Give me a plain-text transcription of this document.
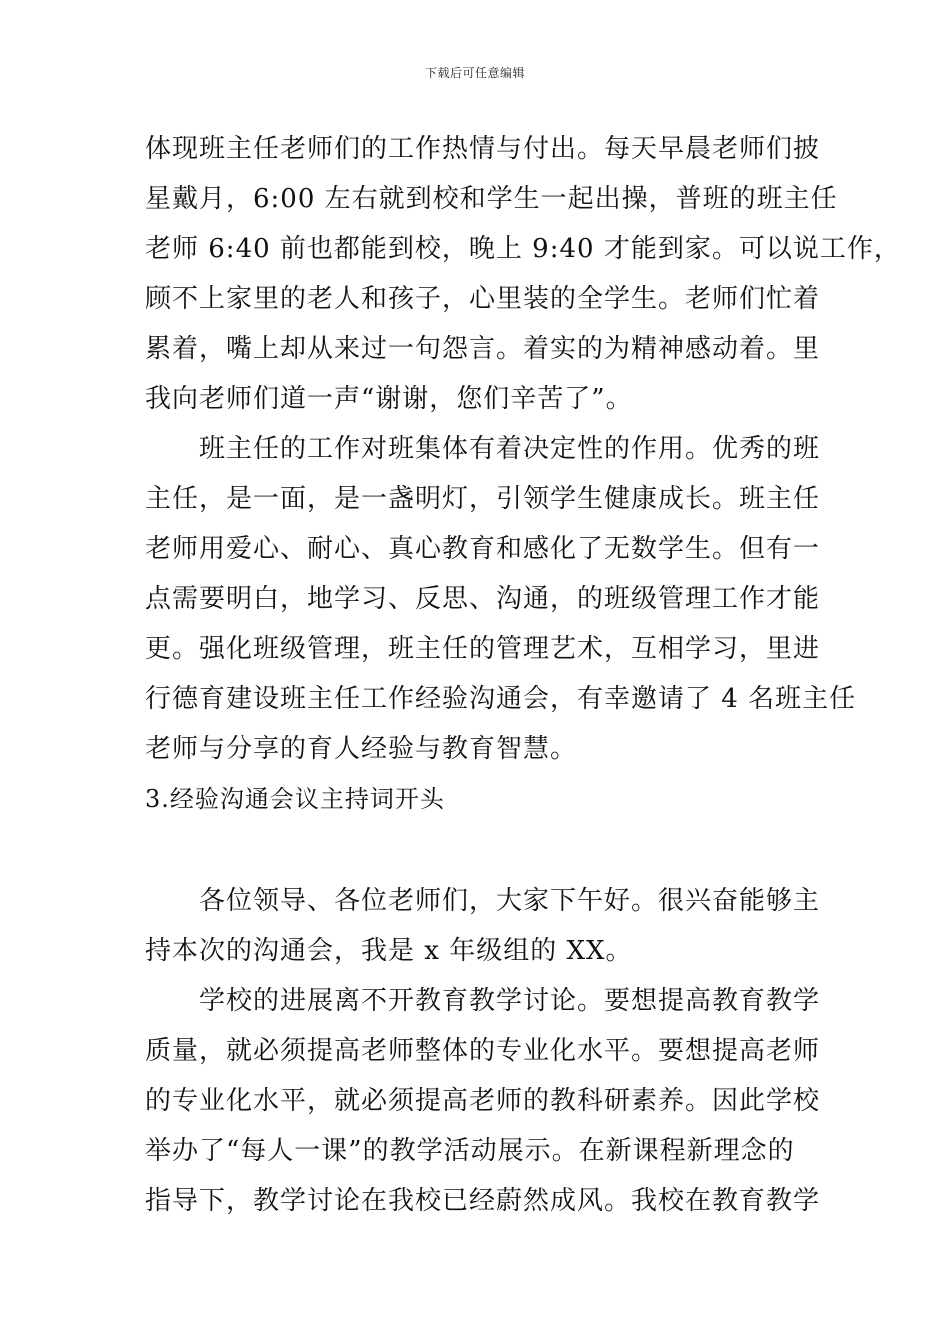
下载后可任意编辑
体现班主任老师们的工作热情与付出。每天早晨老师们披
星戴月，6:00 左右就到校和学生一起出操，普班的班主任
老师 6:40 前也都能到校，晚上 9:40 才能到家。可以说工作，
顾不上家里的老人和孩子，心里装的全学生。老师们忙着
累着，嘴上却从来过一句怨言。着实的为精神感动着。里
我向老师们道一声“谢谢，您们辛苦了”。
班主任的工作对班集体有着决定性的作用。优秀的班
主任，是一面，是一盏明灯，引领学生健康成长。班主任
老师用爱心、耐心、真心教育和感化了无数学生。但有一
点需要明白，地学习、反思、沟通，的班级管理工作才能
更。强化班级管理，班主任的管理艺术，互相学习，里进
行德育建设班主任工作经验沟通会，有幸邀请了 4 名班主任
老师与分享的育人经验与教育智慧。
3.经验沟通会议主持词开头
各位领导、各位老师们，大家下午好。很兴奋能够主
持本次的沟通会，我是 x 年级组的 XX。
学校的进展离不开教育教学讨论。要想提高教育教学
质量，就必须提高老师整体的专业化水平。要想提高老师
的专业化水平，就必须提高老师的教科研素养。因此学校
举办了“每人一课”的教学活动展示。在新课程新理念的
指导下，教学讨论在我校已经蔚然成风。我校在教育教学
